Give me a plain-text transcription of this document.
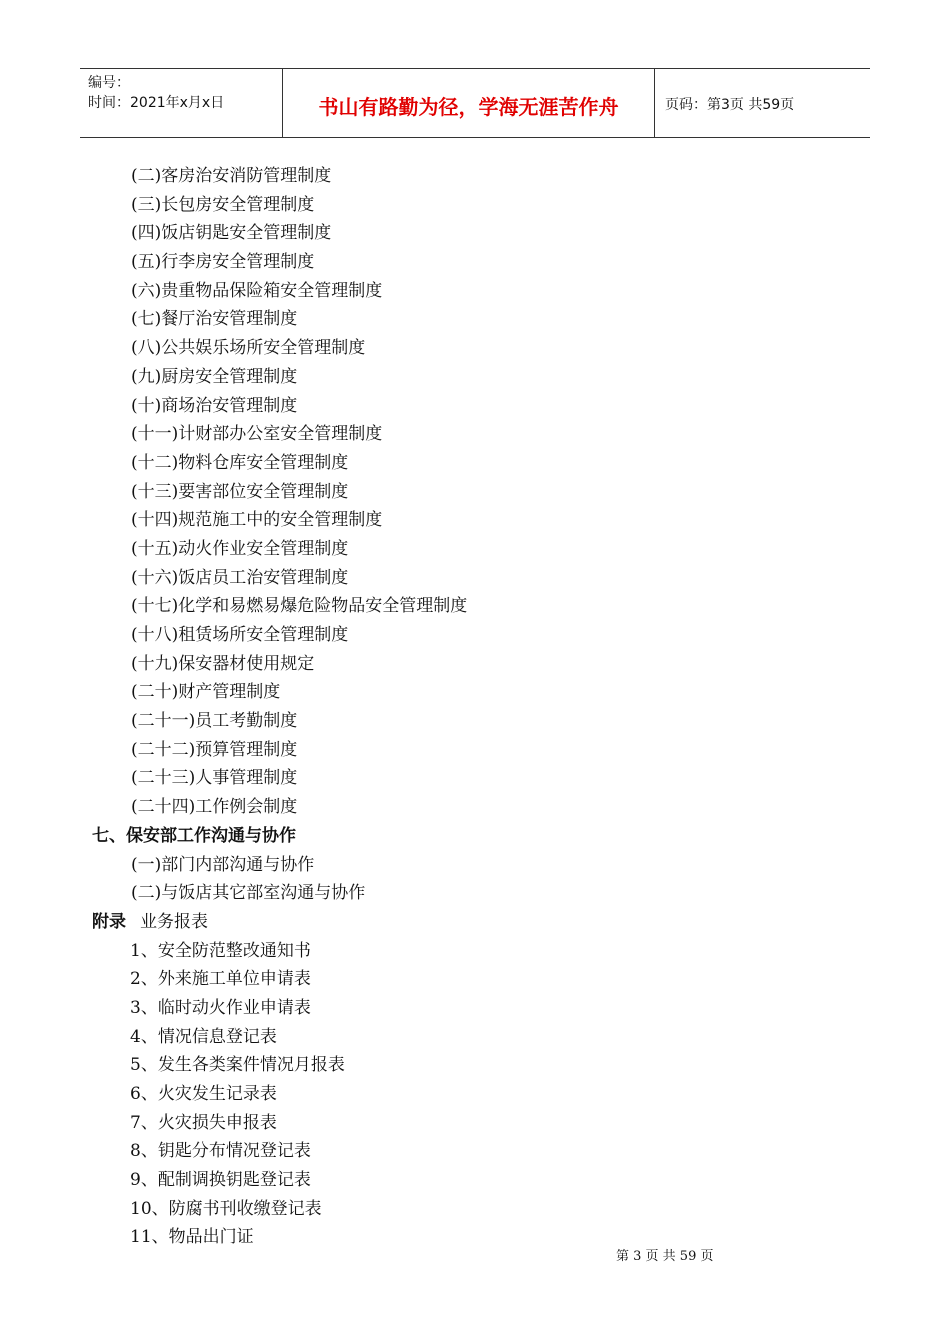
编号：
时间：2021年x月x日	书山有路勤为径，学海无涯苦作舟	页码：第3页 共59页
(二)客房治安消防管理制度
(三)长包房安全管理制度
(四)饭店钥匙安全管理制度
(五)行李房安全管理制度
(六)贵重物品保险箱安全管理制度
(七)餐厅治安管理制度
(八)公共娱乐场所安全管理制度
(九)厨房安全管理制度
(十)商场治安管理制度
(十一)计财部办公室安全管理制度
(十二)物料仓库安全管理制度
(十三)要害部位安全管理制度
(十四)规范施工中的安全管理制度
(十五)动火作业安全管理制度
(十六)饭店员工治安管理制度
(十七)化学和易燃易爆危险物品安全管理制度
(十八)租赁场所安全管理制度
(十九)保安器材使用规定
(二十)财产管理制度
(二十一)员工考勤制度
(二十二)预算管理制度
(二十三)人事管理制度
(二十四)工作例会制度
七、保安部工作沟通与协作
(一)部门内部沟通与协作
(二)与饭店其它部室沟通与协作
附录 业务报表
1、安全防范整改通知书
2、外来施工单位申请表
3、临时动火作业申请表
4、情况信息登记表
5、发生各类案件情况月报表
6、火灾发生记录表
7、火灾损失申报表
8、钥匙分布情况登记表
9、配制调换钥匙登记表
10、防腐书刊收缴登记表
11、物品出门证
第 3 页 共 59 页
